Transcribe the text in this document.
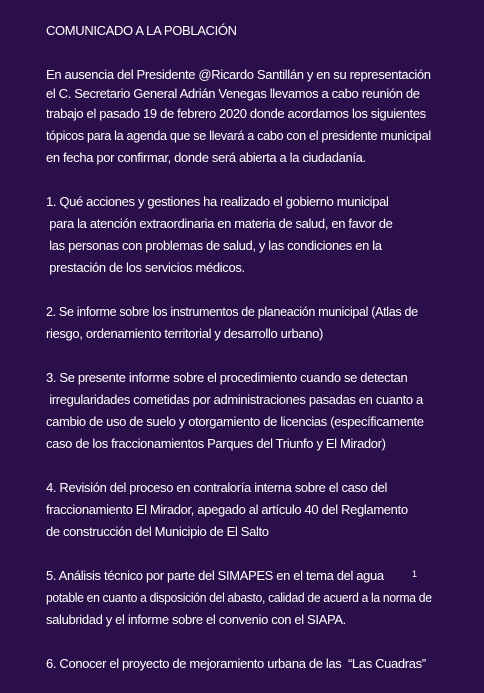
COMUNICADO A LA POBLACIÓN
En ausencia del Presidente @Ricardo Santillán y en su representación
el C. Secretario General Adrián Venegas llevamos a cabo reunión de
trabajo el pasado 19 de febrero 2020 donde acordamos los siguientes
tópicos para la agenda que se llevará a cabo con el presidente municipal
en fecha por confirmar, donde será abierta a la ciudadanía.
1. Qué acciones y gestiones ha realizado el gobierno municipal
para la atención extraordinaria en materia de salud, en favor de
las personas con problemas de salud, y las condiciones en la
prestación de los servicios médicos.
2. Se informe sobre los instrumentos de planeación municipal (Atlas de
riesgo, ordenamiento territorial y desarrollo urbano)
3. Se presente informe sobre el procedimiento cuando se detectan
irregularidades cometidas por administraciones pasadas en cuanto a
cambio de uso de suelo y otorgamiento de licencias (específicamente
caso de los fraccionamientos Parques del Triunfo y El Mirador)
4. Revisión del proceso en contraloría interna sobre el caso del
fraccionamiento El Mirador, apegado al artículo 40 del Reglamento
de construcción del Municipio de El Salto
5. Análisis técnico por parte del SIMAPES en el tema del agua
potable en cuanto a disposición del abasto, calidad de acuerd a la norma de
salubridad y el informe sobre el convenio con el SIAPA.
6. Conocer el proyecto de mejoramiento urbana de las  “Las Cuadras”
1
